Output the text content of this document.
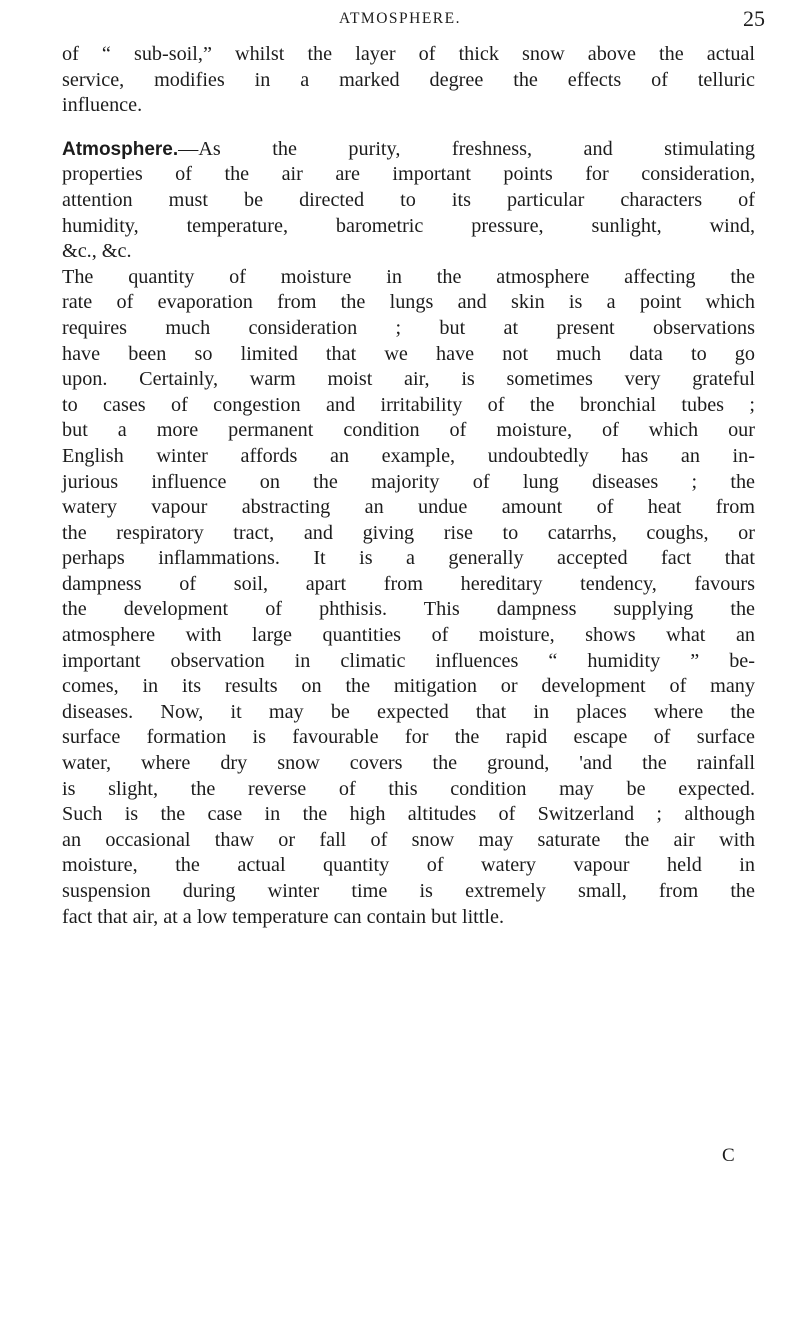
ATMOSPHERE.	25
of “ sub-soil,” whilst the layer of thick snow above the actual
service, modifies in a marked degree the effects of telluric
influence.
Atmosphere.—As the purity, freshness, and stimulating
properties of the air are important points for consideration,
attention must be directed to its particular characters of
humidity, temperature, barometric pressure, sunlight, wind,
&c., &c.
The quantity of moisture in the atmosphere affecting the
rate of evaporation from the lungs and skin is a point which
requires much consideration ; but at present observations
have been so limited that we have not much data to go
upon. Certainly, warm moist air, is sometimes very grateful
to cases of congestion and irritability of the bronchial tubes ;
but a more permanent condition of moisture, of which our
English winter affords an example, undoubtedly has an in-
jurious influence on the majority of lung diseases ; the
watery vapour abstracting an undue amount of heat from
the respiratory tract, and giving rise to catarrhs, coughs, or
perhaps inflammations. It is a generally accepted fact that
dampness of soil, apart from hereditary tendency, favours
the development of phthisis. This dampness supplying the
atmosphere with large quantities of moisture, shows what an
important observation in climatic influences “ humidity ” be-
comes, in its results on the mitigation or development of many
diseases. Now, it may be expected that in places where the
surface formation is favourable for the rapid escape of surface
water, where dry snow covers the ground, 'and the rainfall
is slight, the reverse of this condition may be expected.
Such is the case in the high altitudes of Switzerland ; although
an occasional thaw or fall of snow may saturate the air with
moisture, the actual quantity of watery vapour held in
suspension during winter time is extremely small, from the
fact that air, at a low temperature can contain but little.
C
